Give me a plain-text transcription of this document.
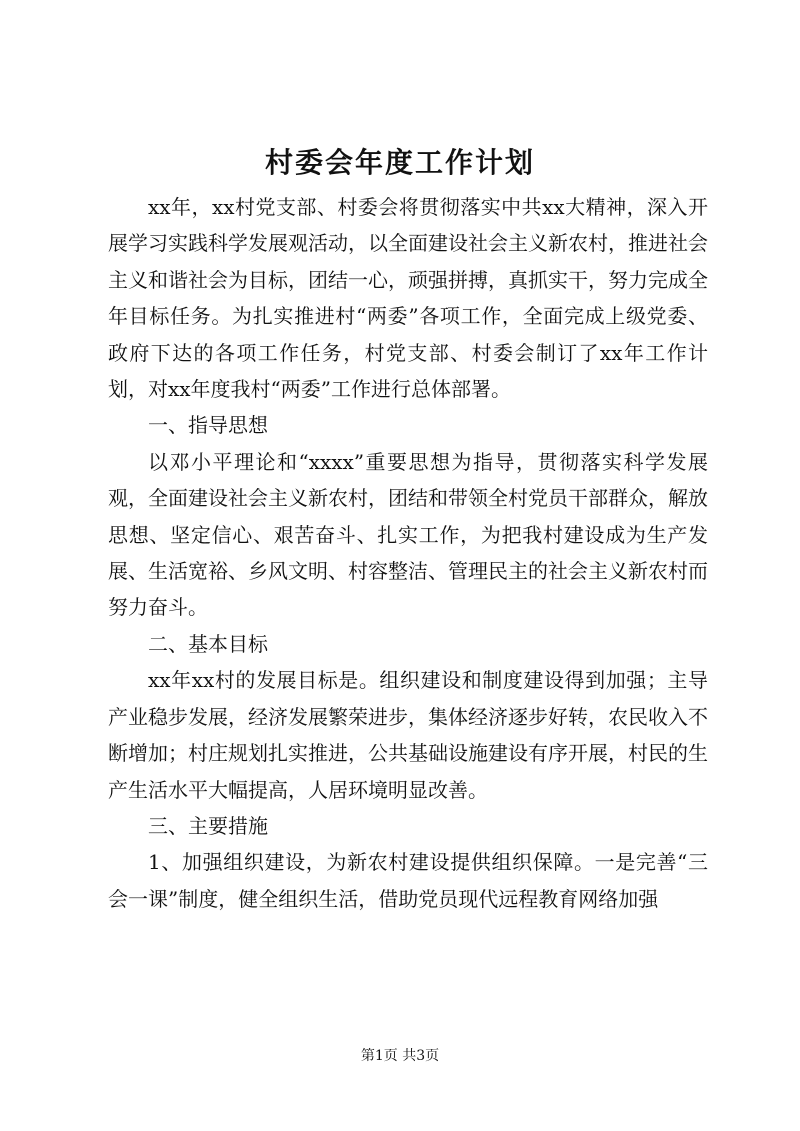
村委会年度工作计划

xx年，xx村党支部、村委会将贯彻落实中共xx大精神，深入开展学习实践科学发展观活动，以全面建设社会主义新农村，推进社会主义和谐社会为目标，团结一心，顽强拼搏，真抓实干，努力完成全年目标任务。为扎实推进村“两委”各项工作，全面完成上级党委、政府下达的各项工作任务，村党支部、村委会制订了xx年工作计划，对xx年度我村“两委”工作进行总体部署。

一、指导思想

以邓小平理论和“xxxx”重要思想为指导，贯彻落实科学发展观，全面建设社会主义新农村，团结和带领全村党员干部群众，解放思想、坚定信心、艰苦奋斗、扎实工作，为把我村建设成为生产发展、生活宽裕、乡风文明、村容整洁、管理民主的社会主义新农村而努力奋斗。

二、基本目标

xx年xx村的发展目标是。组织建设和制度建设得到加强；主导产业稳步发展，经济发展繁荣进步，集体经济逐步好转，农民收入不断增加；村庄规划扎实推进，公共基础设施建设有序开展，村民的生产生活水平大幅提高，人居环境明显改善。

三、主要措施

1、加强组织建设，为新农村建设提供组织保障。一是完善“三会一课”制度，健全组织生活，借助党员现代远程教育网络加强

第1页 共3页
